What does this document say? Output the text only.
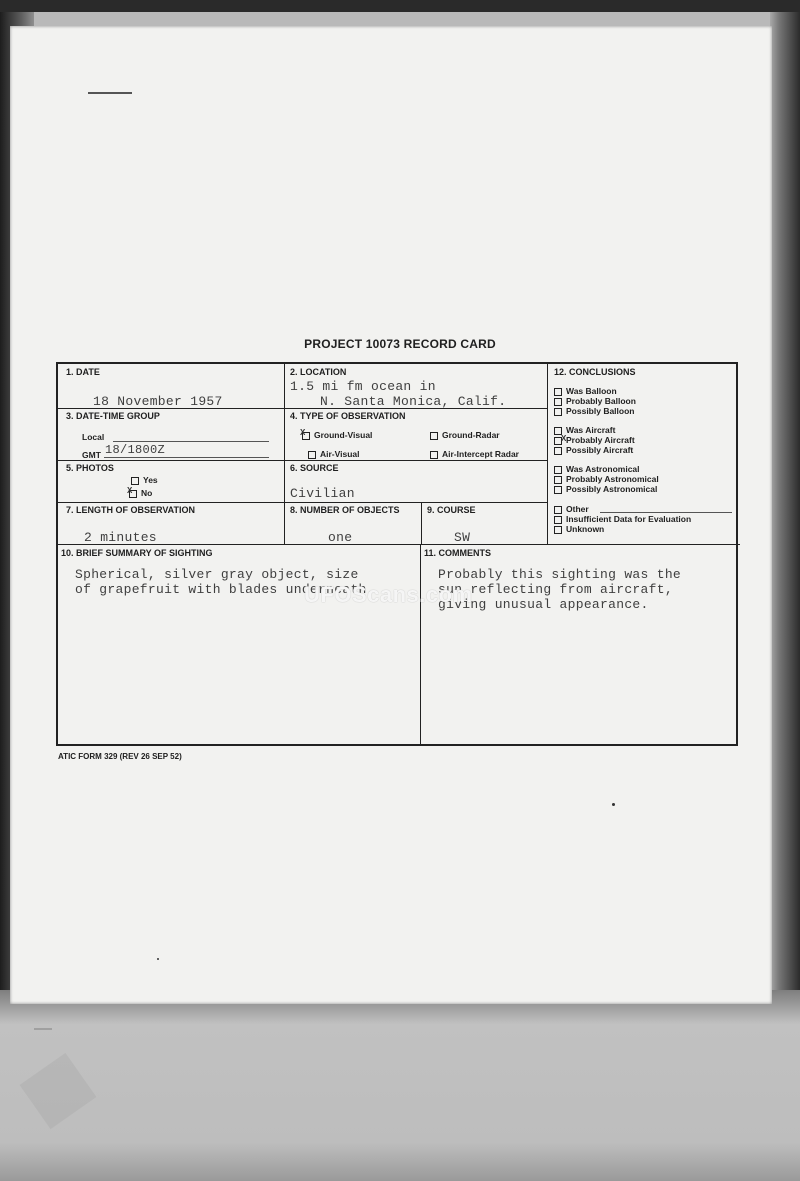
PROJECT 10073 RECORD CARD
1. DATE
18 November 1957
2. LOCATION
1.5 mi fm ocean in
N. Santa Monica, Calif.
3. DATE-TIME GROUP
Local
GMT 18/1800Z
4. TYPE OF OBSERVATION
Ground-Visual
X	Ground-Radar
Air-Visual	Air-Intercept Radar
5. PHOTOS
Yes
No
X
6. SOURCE
Civilian
7. LENGTH OF OBSERVATION
2 minutes
8. NUMBER OF OBJECTS
one
9. COURSE
SW
12. CONCLUSIONS
Was Balloon
Probably Balloon
Possibly Balloon
Was Aircraft
Probably Aircraft
X
Possibly Aircraft
Was Astronomical
Probably Astronomical
Possibly Astronomical
Other
Insufficient Data for Evaluation
Unknown
10. BRIEF SUMMARY OF SIGHTING
Spherical, silver gray object, size
of grapefruit with blades underneath.
11. COMMENTS
Probably this sighting was the
sun reflecting from aircraft,
giving unusual appearance.
UFOScans.com
ATIC FORM 329 (REV 26 SEP 52)
